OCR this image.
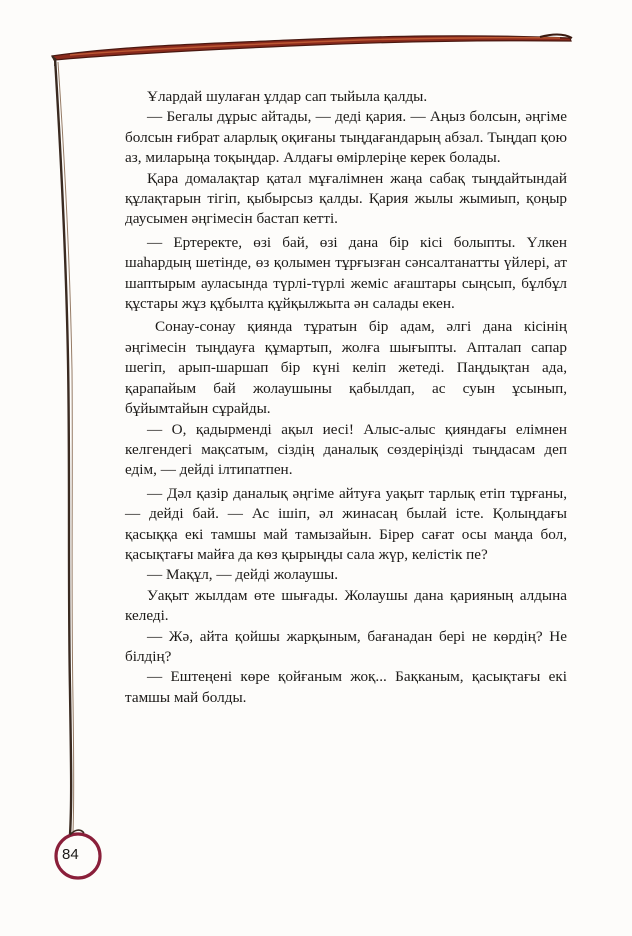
Ұлардай шулаған ұлдар сап тыйыла қалды.

— Бегалы дұрыс айтады, — деді қария. — Аңыз болсын, әңгіме болсын ғибрат аларлық оқиғаны тыңдағандарың абзал. Тыңдап қою аз, миларыңа тоқыңдар. Алдағы өмірлеріңе керек болады.

Қара домалақтар қатал мұғалімнен жаңа сабақ тыңдайтындай құлақтарын тігіп, қыбырсыз қалды. Қария жылы жымиып, қоңыр даусымен әңгімесін бастап кетті.

— Ертеректе, өзі бай, өзі дана бір кісі болыпты. Үлкен шаһардың шетінде, өз қолымен тұрғызған сәнсалтанатты үйлері, ат шаптырым ауласында түрлі-түрлі жеміс ағаштары сыңсып, бұлбұл құстары жұз құбылта құйқылжыта ән салады екен.

Сонау-сонау қиянда тұратын бір адам, әлгі дана кісінің әңгімесін тыңдауға құмартып, жолға шығыпты. Апталап сапар шегіп, арып-шаршап бір күні келіп жетеді. Паңдықтан ада, қарапайым бай жолаушыны қабылдап, ас суын ұсынып, бұйымтайын сұрайды.

— О, қадырменді ақыл иесі! Алыс-алыс қияндағы елімнен келгендегі мақсатым, сіздің даналық сөздеріңізді тыңдасам деп едім, — дейді ілтипатпен.

— Дәл қазір даналық әңгіме айтуға уақыт тарлық етіп тұрғаны, — дейді бай. — Ас ішіп, әл жинасаң былай істе. Қолыңдағы қасыққа екі тамшы май тамызайын. Бірер сағат осы маңда бол, қасықтағы майға да көз қырыңды сала жүр, келістік пе?

— Мақұл, — дейді жолаушы.

Уақыт жылдам өте шығады. Жолаушы дана қарияның алдына келеді.

— Жә, айта қойшы жарқыным, бағанадан бері не көрдің? Не білдің?

— Ештеңені көре қойғаным жоқ... Бақканым, қасықтағы екі тамшы май болды.

84
